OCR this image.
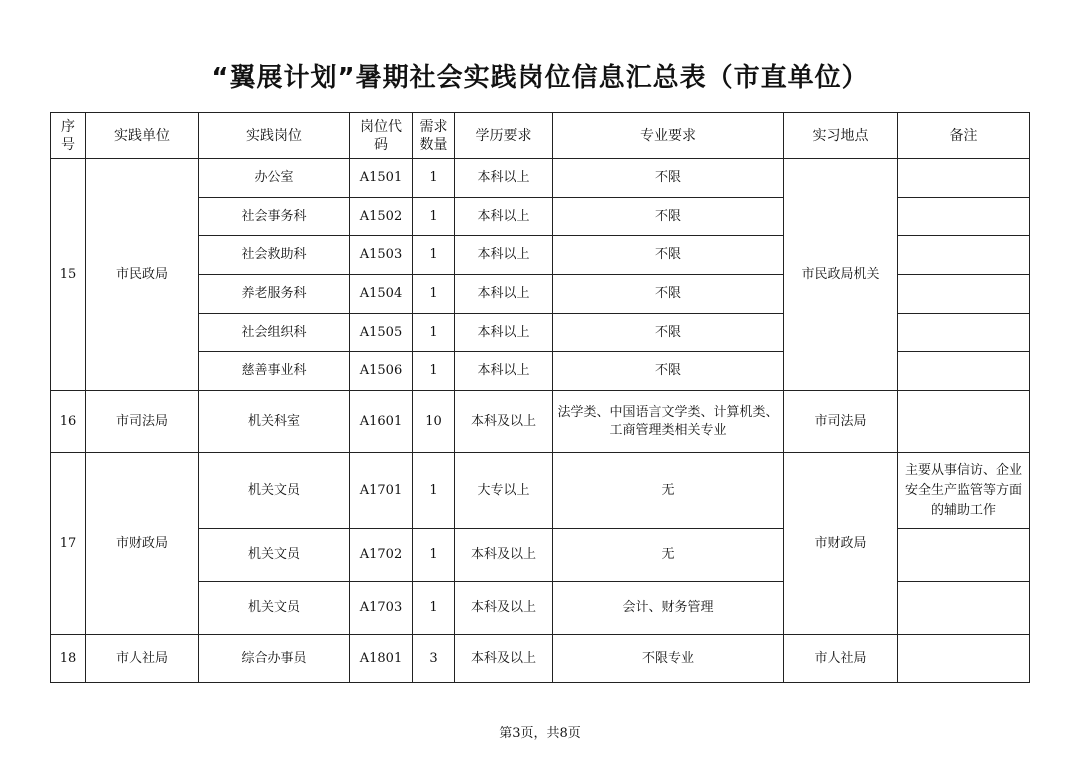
“翼展计划”暑期社会实践岗位信息汇总表（市直单位）
序号	实践单位	实践岗位	岗位代码	需求数量	学历要求	专业要求	实习地点	备注
15	市民政局	办公室	A1501	1	本科以上	不限	市民政局机关	
		社会事务科	A1502	1	本科以上	不限		
		社会救助科	A1503	1	本科以上	不限		
		养老服务科	A1504	1	本科以上	不限		
		社会组织科	A1505	1	本科以上	不限		
		慈善事业科	A1506	1	本科以上	不限		
16	市司法局	机关科室	A1601	10	本科及以上	法学类、中国语言文学类、计算机类、工商管理类相关专业	市司法局	
17	市财政局	机关文员	A1701	1	大专以上	无	市财政局	主要从事信访、企业安全生产监管等方面的辅助工作
		机关文员	A1702	1	本科及以上	无		
		机关文员	A1703	1	本科及以上	会计、财务管理		
18	市人社局	综合办事员	A1801	3	本科及以上	不限专业	市人社局	
第3页，共8页
